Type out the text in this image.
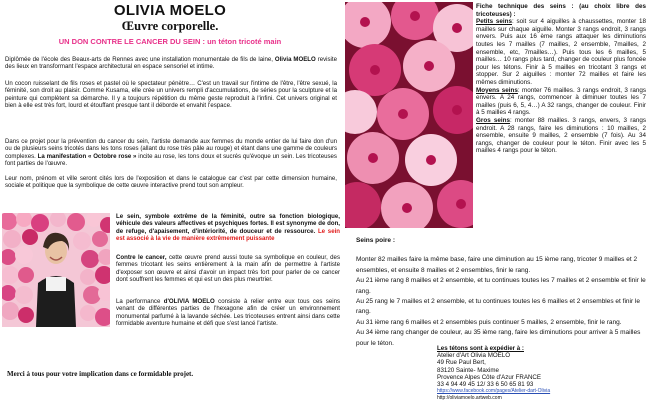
OLIVIA MOELO
Œuvre corporelle.
UN DON CONTRE LE CANCER DU SEIN : un téton tricoté main
Diplômée de l'école des Beaux-arts de Rennes avec une installation monumentale de fils de laine, Olivia MOELO revisite des lieux en transformant l'espace architectural en espace sensoriel et intime.
Un cocon ruisselant de fils roses et pastel où le spectateur pénètre… C'est un travail sur l'intime de l'être, l'être sexué, la féminité, son droit au plaisir. Comme Kusama, elle crée un univers rempli d'accumulations, de séries pour la sculpture et la peinture qui complètent sa démarche. Il y a toujours répétition du même geste reproduit à l'infini. Cet univers original et bien à elle est très fort, lourd et étouffant presque tant il déborde et envahit l'espace.
Dans ce projet pour la prévention du cancer du sein, l'artiste demande aux femmes du monde entier de lui faire don d'un ou de plusieurs seins tricotés dans les tons roses (allant du rose très pâle au rouge) et étant dans une gamme de couleurs complexes. La manifestation « Octobre rose » incite au rose, les tons doux et sucrés qu'évoque un sein. Les tricoteuses font parties de l'œuvre.
Leur nom, prénom et ville seront cités lors de l'exposition et dans le catalogue car c'est par cette dimension humaine, sociale et politique que la symbolique de cette œuvre interactive prend tout son ampleur.
Le sein, symbole extrême de la féminité, outre sa fonction biologique, véhicule des valeurs affectives et psychiques fortes. Il est synonyme de don, de refuge, d'apaisement, d'intériorité, de douceur et de ressource. Le sein est associé à la vie de manière extrêmement puissante
Contre le cancer, cette œuvre prend aussi toute sa symbolique en couleur, des femmes tricotant les seins entièrement à la main afin de permettre à l'artiste d'exposer son œuvre et ainsi d'avoir un impact très fort pour parler de ce cancer dont souffrent les femmes et qui est un des plus meurtrier.
La performance d'OLIVIA MOELO consiste à relier entre eux tous ces seins venant de différentes parties de l'hexagone afin de créer un environnement monumental parfumé à la lavande séchée. Les tricoteuses entrent ainsi dans cette formidable aventure humaine et défi que s'est lancé l'artiste.
Merci à tous pour votre implication dans ce formidable projet.
Fiche technique des seins : (au choix libre des tricoteuses) :
Petits seins: soit sur 4 aiguilles à chaussettes, monter 18 mailles sur chaque aiguille. Monter 3 rangs endroit, 3 rangs envers. Puis aux 16 ème rangs attaquer les diminutions toutes les 7 mailles (7 mailles, 2 ensemble, 7mailles, 2 ensemble, etc, 7mailles…). Puis tous les 6 mailles, 5 mailles… 10 rangs plus tard, changer de couleur plus foncée pour les tétons. Finir à 5 mailles en tricotant 3 rangs et stopper. Sur 2 aiguilles : monter 72 mailles et faire les mêmes diminutions.
Moyens seins: monter 76 mailles. 3 rangs endroit, 3 rangs envers. A 24 rangs, commencer à diminuer toutes les 7 mailles (puis 6, 5, 4…) A 32 rangs, changer de couleur. Finir à 5 mailles 4 rangs.
Gros seins: monter 88 mailles. 3 rangs, envers, 3 rangs endroit. A 28 rangs, faire les diminutions : 10 mailles, 2 ensemble, ensuite 9 mailles, 2 ensemble (7 fois). Au 34 rangs, changer de couleur pour le téton. Finir avec les 5 mailles 4 rangs pour le téton.
Seins poire :
Monter 82 mailles faire la même base, faire une diminution au 15 ième rang, tricoter 9 mailles et 2 ensembles, et ensuite 8 mailles et 2 ensembles, finir le rang.
Au 21 ième rang 8 mailles et 2 ensemble, et tu continues toutes les 7 mailles et 2 ensemble et finir le rang.
Au 25 rang le 7 mailles et 2 ensemble, et tu continues toutes les 6 mailles et 2 ensembles et finir le rang.
Au 31 ième rang 6 mailles et 2 ensembles puis continuer 5 mailles, 2 ensemble, finir le rang.
Au 34 ième rang changer de couleur, au 35 ième rang, faire les diminutions pour arriver à 5 mailles pour le téton.
Les tétons sont à expédier à :
Atelier d'Art Olivia MOELO
49 Rue Paul Bert,
83120 Sainte- Maxime
Provence Alpes Côte d'Azur FRANCE
33 4 94 49 45 12/ 33 6 50 65 81 93
https://www.facebook.com/pages/Atelier-dart-Olivia
http://oliviamoelo.artweb.com
